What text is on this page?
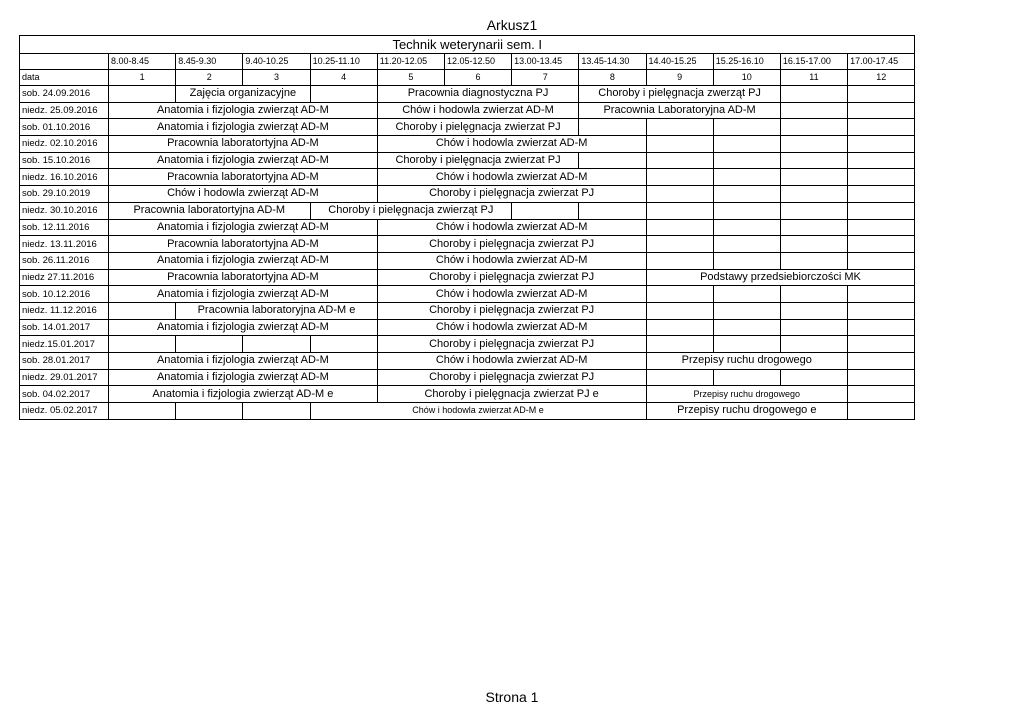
Arkusz1
Technik weterynarii sem. I												
	8.00-8.45	8.45-9.30	9.40-10.25	10.25-11.10	11.20-12.05	12.05-12.50	13.00-13.45	13.45-14.30	14.40-15.25	15.25-16.10	16.15-17.00	17.00-17.45
data	1	2	3	4	5	6	7	8	9	10	11	12
sob. 24.09.2016		Zajęcia organizacyjne			Pracownia diagnostyczna PJ			Choroby i pielęgnacja zwerząt PJ				
niedz. 25.09.2016	Anatomia i fizjologia zwierząt AD-M				Chów i hodowla zwierzat AD-M			Pracownia Laboratoryjna AD-M				
sob. 01.10.2016	Anatomia i fizjologia zwierząt AD-M				Choroby i pielęgnacja zwierzat PJ							
niedz. 02.10.2016	Pracownia laboratortyjna AD-M				Chów i hodowla zwierzat AD-M							
sob. 15.10.2016	Anatomia i fizjologia zwierząt AD-M				Choroby i pielęgnacja zwierzat PJ							
niedz. 16.10.2016	Pracownia laboratortyjna AD-M				Chów i hodowla zwierzat AD-M							
sob. 29.10.2019	Chów i hodowla zwierząt AD-M				Choroby i pielęgnacja zwierzat PJ							
niedz. 30.10.2016	Pracownia laboratortyjna AD-M			Choroby i pielęgnacja zwierząt PJ								
sob. 12.11.2016	Anatomia i fizjologia zwierząt AD-M				Chów i hodowla zwierzat AD-M							
niedz. 13.11.2016	Pracownia laboratortyjna AD-M				Choroby i pielęgnacja zwierzat PJ							
sob. 26.11.2016	Anatomia i fizjologia zwierząt AD-M				Chów i hodowla zwierzat AD-M							
niedz 27.11.2016	Pracownia laboratortyjna AD-M				Choroby i pielęgnacja zwierzat PJ				Podstawy przedsiebiorczości MK			
sob. 10.12.2016	Anatomia i fizjologia zwierząt AD-M				Chów i hodowla zwierzat AD-M							
niedz. 11.12.2016		Pracownia laboratoryjna AD-M e			Choroby i pielęgnacja zwierzat PJ							
sob. 14.01.2017	Anatomia i fizjologia zwierząt AD-M				Chów i hodowla zwierzat AD-M							
niedz.15.01.2017					Choroby i pielęgnacja zwierzat PJ							
sob. 28.01.2017	Anatomia i fizjologia zwierząt AD-M				Chów i hodowla zwierzat AD-M				Przepisy ruchu drogowego			
niedz. 29.01.2017	Anatomia i fizjologia zwierząt AD-M				Choroby i pielęgnacja zwierzat PJ							
sob. 04.02.2017	Anatomia i fizjologia zwierząt AD-M e				Choroby i pielęgnacja zwierzat PJ e				Przepisy ruchu drogowego			
niedz. 05.02.2017				Chów i hodowla zwierzat AD-M e					Przepisy ruchu drogowego e			
Strona 1
